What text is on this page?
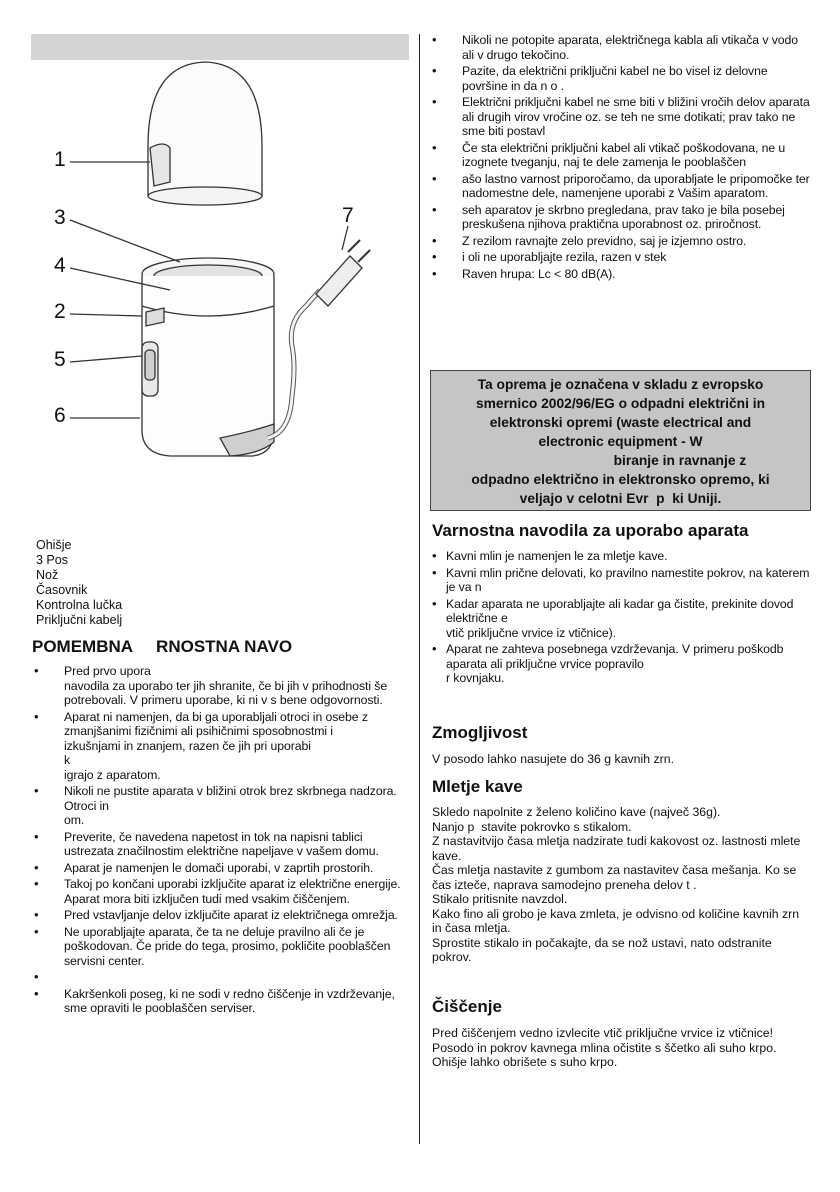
1
3
4
2
5
6
7
Ohišje
3 Pos
Nož
Časovnik
Kontrolna lučka
Priključni kabelj
POMEMBNA     RNOSTNA NAVO
• Pred prvo upora
navodila za uporabo ter jih shranite, če bi jih v prihodnosti še potrebovali. V primeru uporabe, ki ni v s bene odgovornosti.
• Aparat ni namenjen, da bi ga uporabljali otroci in osebe z zmanjšanimi fizičnimi ali psihičnimi sposobnostmi i
izkušnjami in znanjem, razen če jih pri uporabi
k
igrajo z aparatom.
• Nikoli ne pustite aparata v bližini otrok brez skrbnega nadzora. Otroci in
om.
• Preverite, če navedena napetost in tok na napisni tablici ustrezata značilnostim električne napeljave v vašem domu.
• Aparat je namenjen le domači uporabi, v zaprtih prostorih.
• Takoj po končani uporabi izključite aparat iz električne energije. Aparat mora biti izključen tudi med vsakim čiščenjem.
• Pred vstavljanje delov izključite aparat iz električnega omrežja.
• Ne uporabljajte aparata, če ta ne deluje pravilno ali če je poškodovan. Če pride do tega, prosimo, pokličite pooblaščen servisni center.
•

• Kakršenkoli poseg, ki ne sodi v redno čiščenje in vzdrževanje, sme opraviti le pooblaščen serviser.
• Nikoli ne potopite aparata, električnega kabla ali vtikača v vodo ali v drugo tekočino.
• Pazite, da električni priključni kabel ne bo visel iz delovne površine in da n o .
• Električni priključni kabel ne sme biti v bližini vročih delov aparata ali drugih virov vročine oz. se teh ne sme dotikati; prav tako ne sme biti postavl

• Če sta električni priključni kabel ali vtikač poškodovana, ne u
izognete tveganju, naj te dele zamenja le pooblaščen

• ašo lastno varnost priporočamo, da uporabljate le pripomočke ter nadomestne dele, namenjene uporabi z Vašim aparatom.
• seh aparatov je skrbno pregledana, prav tako je bila posebej preskušena njihova praktična uporabnost oz. priročnost.
• Z rezilom ravnajte zelo previdno, saj je izjemno ostro.
• i oli ne uporabljajte rezila, razen v stek
• Raven hrupa: Lc < 80 dB(A).
Ta oprema je označena v skladu z evropsko
smernico 2002/96/EG o odpadni električni in
elektronski opremi (waste electrical and
electronic equipment - W
biranje in ravnanje z
odpadno električno in elektronsko opremo, ki
veljajo v celotni Evr  p  ki Uniji.
Varnostna navodila za uporabo aparata
• Kavni mlin je namenjen le za mletje kave.
• Kavni mlin prične delovati, ko pravilno namestite pokrov, na katerem je va n
• Kadar aparata ne uporabljajte ali kadar ga čistite, prekinite dovod električne e
vtič priključne vrvice iz vtičnice).
• Aparat ne zahteva posebnega vzdrževanja. V primeru poškodb aparata ali priključne vrvice popravilo
r kovnjaku.
Zmogljivost

V posodo lahko nasujete do 36 g kavnih zrn.

Mletje kave

Skledo napolnite z želeno količino kave (največ 36g).

Nanjo p  stavite pokrovko s stikalom.

Z nastavitvijo časa mletja nadzirate tudi kakovost oz. lastnosti mlete kave.

Čas mletja nastavite z gumbom za nastavitev časa mešanja. Ko se čas izteče, naprava samodejno preneha delov t .

Stikalo pritisnite navzdol.

Kako fino ali grobo je kava zmleta, je odvisno od količine kavnih zrn in časa mletja.

Sprostite stikalo in počakajte, da se nož ustavi, nato odstranite pokrov.

Čiščenje

Pred čiščenjem vedno izvlecite vtič priključne vrvice iz vtičnice!

Posodo in pokrov kavnega mlina očistite s ščetko ali suho krpo.

Ohišje lahko obrišete s suho krpo.
